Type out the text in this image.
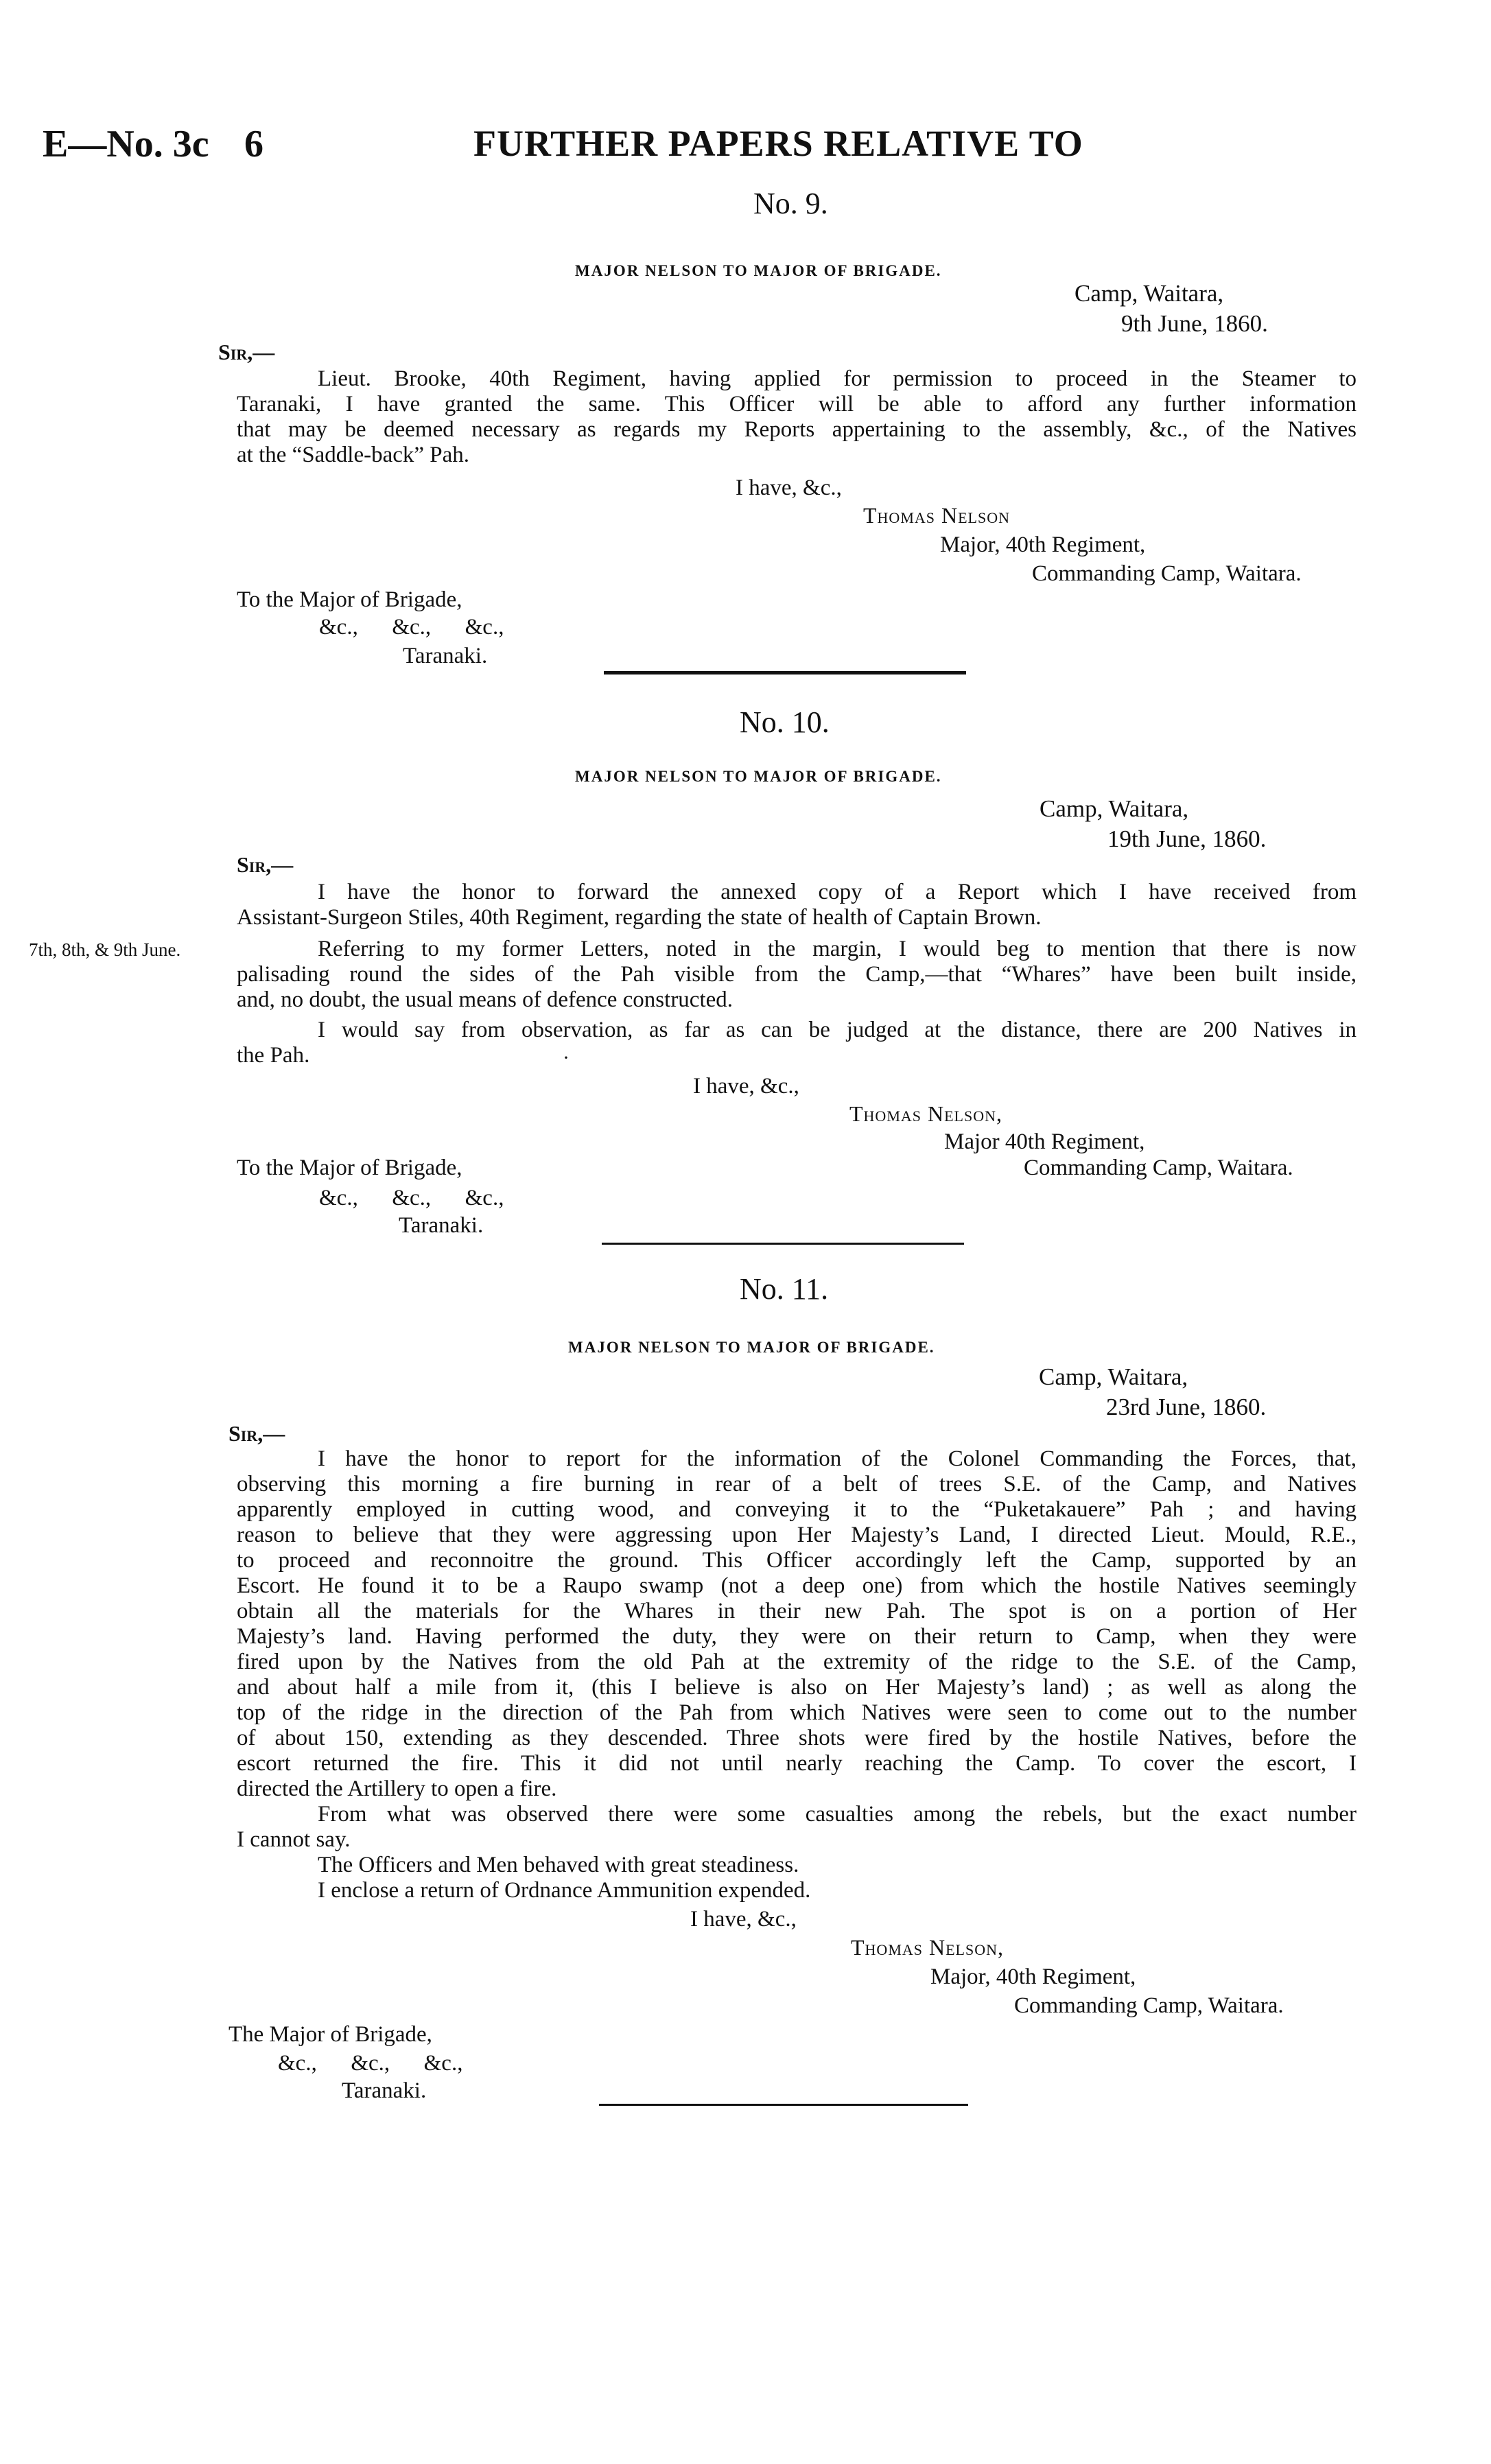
E—No. 3c 6	FURTHER PAPERS RELATIVE TO
No. 9.
MAJOR NELSON TO MAJOR OF BRIGADE.
Camp, Waitara,
9th June, 1860.
Sir,—
Lieut. Brooke, 40th Regiment, having applied for permission to proceed in the Steamer to
Taranaki, I have granted the same. This Officer will be able to afford any further information
that may be deemed necessary as regards my Reports appertaining to the assembly, &c., of the Natives
at the “Saddle-back” Pah.
I have, &c.,
Thomas Nelson
Major, 40th Regiment,
Commanding Camp, Waitara.
To the Major of Brigade,
&c.,      &c.,      &c.,
Taranaki.
No. 10.
MAJOR NELSON TO MAJOR OF BRIGADE.
Camp, Waitara,
19th June, 1860.
Sir,—
7th, 8th, & 9th June.
I have the honor to forward the annexed copy of a Report which I have received from
Assistant-Surgeon Stiles, 40th Regiment, regarding the state of health of Captain Brown.
Referring to my former Letters, noted in the margin, I would beg to mention that there is now
palisading round the sides of the Pah visible from the Camp,—that “Whares” have been built inside,
and, no doubt, the usual means of defence constructed.
I would say from observation, as far as can be judged at the distance, there are 200 Natives in
the Pah.	·
I have, &c.,
Thomas Nelson,
Major 40th Regiment,
Commanding Camp, Waitara.
To the Major of Brigade,
&c.,      &c.,      &c.,
Taranaki.
No. 11.
MAJOR NELSON TO MAJOR OF BRIGADE.
Camp, Waitara,
23rd June, 1860.
Sir,—
I have the honor to report for the information of the Colonel Commanding the Forces, that,
observing this morning a fire burning in rear of a belt of trees S.E. of the Camp, and Natives
apparently employed in cutting wood, and conveying it to the “Puketakauere” Pah ; and having
reason to believe that they were aggressing upon Her Majesty’s Land, I directed Lieut. Mould, R.E.,
to proceed and reconnoitre the ground. This Officer accordingly left the Camp, supported by an
Escort. He found it to be a Raupo swamp (not a deep one) from which the hostile Natives seemingly
obtain all the materials for the Whares in their new Pah. The spot is on a portion of Her
Majesty’s land. Having performed the duty, they were on their return to Camp, when they were
fired upon by the Natives from the old Pah at the extremity of the ridge to the S.E. of the Camp,
and about half a mile from it, (this I believe is also on Her Majesty’s land) ; as well as along the
top of the ridge in the direction of the Pah from which Natives were seen to come out to the number
of about 150, extending as they descended. Three shots were fired by the hostile Natives, before the
escort returned the fire. This it did not until nearly reaching the Camp. To cover the escort, I
directed the Artillery to open a fire.
From what was observed there were some casualties among the rebels, but the exact number
I cannot say.
The Officers and Men behaved with great steadiness.
I enclose a return of Ordnance Ammunition expended.
I have, &c.,
Thomas Nelson,
Major, 40th Regiment,
Commanding Camp, Waitara.
The Major of Brigade,
&c.,      &c.,      &c.,
Taranaki.
